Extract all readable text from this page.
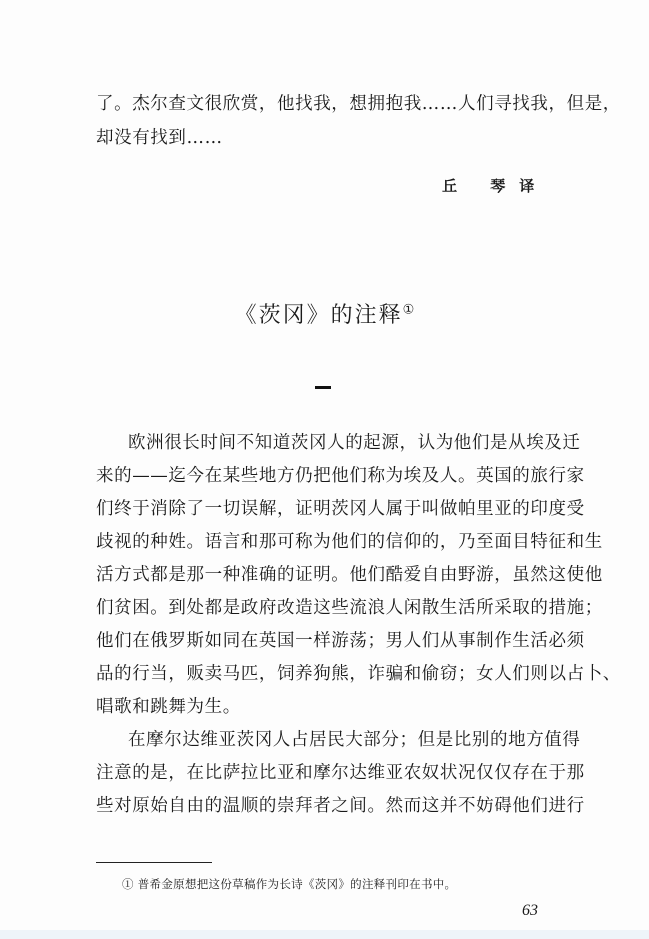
了。杰尔查文很欣赏，他找我，想拥抱我……人们寻找我，但是，
却没有找到……
丘 琴译
《茨冈》的注释①
欧洲很长时间不知道茨冈人的起源，认为他们是从埃及迁
来的——迄今在某些地方仍把他们称为埃及人。英国的旅行家
们终于消除了一切误解，证明茨冈人属于叫做帕里亚的印度受
歧视的种姓。语言和那可称为他们的信仰的，乃至面目特征和生
活方式都是那一种准确的证明。他们酷爱自由野游，虽然这使他
们贫困。到处都是政府改造这些流浪人闲散生活所采取的措施；
他们在俄罗斯如同在英国一样游荡；男人们从事制作生活必须
品的行当，贩卖马匹，饲养狗熊，诈骗和偷窃；女人们则以占卜、
唱歌和跳舞为生。
在摩尔达维亚茨冈人占居民大部分；但是比别的地方值得
注意的是，在比萨拉比亚和摩尔达维亚农奴状况仅仅存在于那
些对原始自由的温顺的崇拜者之间。然而这并不妨碍他们进行
① 普希金原想把这份草稿作为长诗《茨冈》的注释刊印在书中。
63
